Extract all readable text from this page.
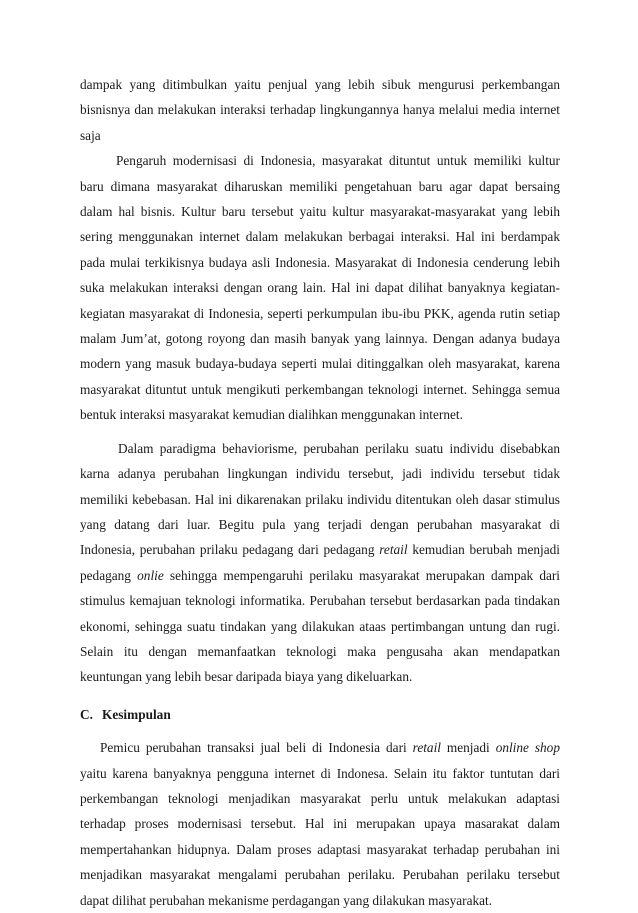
dampak yang ditimbulkan yaitu penjual yang lebih sibuk mengurusi perkembangan bisnisnya dan melakukan interaksi terhadap lingkungannya hanya melalui media internet saja

Pengaruh modernisasi di Indonesia, masyarakat dituntut untuk memiliki kultur baru dimana masyarakat diharuskan memiliki pengetahuan baru agar dapat bersaing dalam hal bisnis. Kultur baru tersebut yaitu kultur masyarakat-masyarakat yang lebih sering menggunakan internet dalam melakukan berbagai interaksi. Hal ini berdampak pada mulai terkikisnya budaya asli Indonesia. Masyarakat di Indonesia cenderung lebih suka melakukan interaksi dengan orang lain. Hal ini dapat dilihat banyaknya kegiatan-kegiatan masyarakat di Indonesia, seperti perkumpulan ibu-ibu PKK, agenda rutin setiap malam Jum’at, gotong royong dan masih banyak yang lainnya. Dengan adanya budaya modern yang masuk budaya-budaya seperti mulai ditinggalkan oleh masyarakat, karena masyarakat dituntut untuk mengikuti perkembangan teknologi internet. Sehingga semua bentuk interaksi masyarakat kemudian dialihkan menggunakan internet.

Dalam paradigma behaviorisme, perubahan perilaku suatu individu disebabkan karna adanya perubahan lingkungan individu tersebut, jadi individu tersebut tidak memiliki kebebasan. Hal ini dikarenakan prilaku individu ditentukan oleh dasar stimulus yang datang dari luar. Begitu pula yang terjadi dengan perubahan masyarakat di Indonesia, perubahan prilaku pedagang dari pedagang retail kemudian berubah menjadi pedagang onlie sehingga mempengaruhi perilaku masyarakat merupakan dampak dari stimulus kemajuan teknologi informatika. Perubahan tersebut berdasarkan pada tindakan ekonomi, sehingga suatu tindakan yang dilakukan ataas pertimbangan untung dan rugi. Selain itu dengan memanfaatkan teknologi maka pengusaha akan mendapatkan keuntungan yang lebih besar daripada biaya yang dikeluarkan.

C. Kesimpulan

Pemicu perubahan transaksi jual beli di Indonesia dari retail menjadi online shop yaitu karena banyaknya pengguna internet di Indonesa. Selain itu faktor tuntutan dari perkembangan teknologi menjadikan masyarakat perlu untuk melakukan adaptasi terhadap proses modernisasi tersebut. Hal ini merupakan upaya masarakat dalam mempertahankan hidupnya. Dalam proses adaptasi masyarakat terhadap perubahan ini menjadikan masyarakat mengalami perubahan perilaku. Perubahan perilaku tersebut dapat dilihat perubahan mekanisme perdagangan yang dilakukan masyarakat.
